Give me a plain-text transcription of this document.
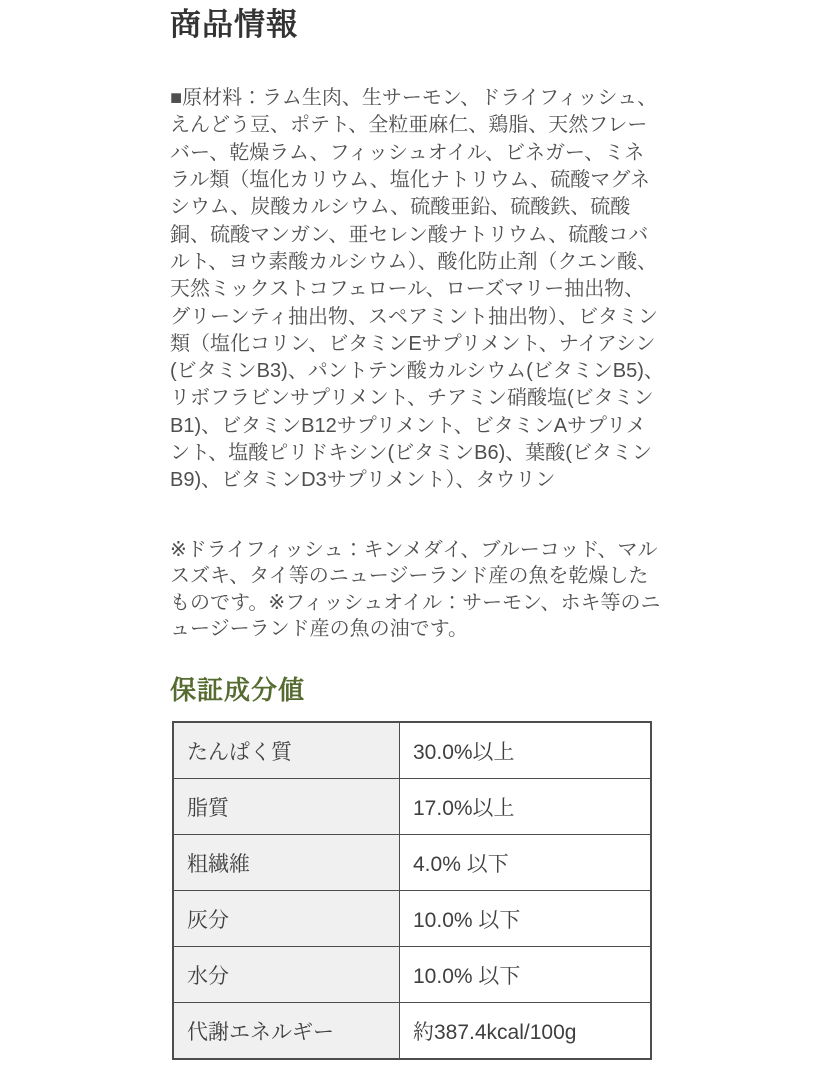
商品情報

■原材料：ラム生肉、生サーモン、ドライフィッシュ、えんどう豆、ポテト、全粒亜麻仁、鶏脂、天然フレーバー、乾燥ラム、フィッシュオイル、ビネガー、ミネラル類（塩化カリウム、塩化ナトリウム、硫酸マグネシウム、炭酸カルシウム、硫酸亜鉛、硫酸鉄、硫酸銅、硫酸マンガン、亜セレン酸ナトリウム、硫酸コバルト、ヨウ素酸カルシウム）、酸化防止剤（クエン酸、天然ミックストコフェロール、ローズマリー抽出物、グリーンティ抽出物、スペアミント抽出物）、ビタミン類（塩化コリン、ビタミンEサプリメント、ナイアシン(ビタミンB3)、パントテン酸カルシウム(ビタミンB5)、リボフラビンサプリメント、チアミン硝酸塩(ビタミンB1)、ビタミンB12サプリメント、ビタミンAサプリメント、塩酸ピリドキシン(ビタミンB6)、葉酸(ビタミンB9)、ビタミンD3サプリメント）、タウリン

※ドライフィッシュ：キンメダイ、ブルーコッド、マルスズキ、タイ等のニュージーランド産の魚を乾燥したものです。※フィッシュオイル：サーモン、ホキ等のニュージーランド産の魚の油です。

保証成分値
たんぱく質	30.0%以上
脂質	17.0%以上
粗繊維	4.0% 以下
灰分	10.0% 以下
水分	10.0% 以下
代謝エネルギー	約387.4kcal/100g
